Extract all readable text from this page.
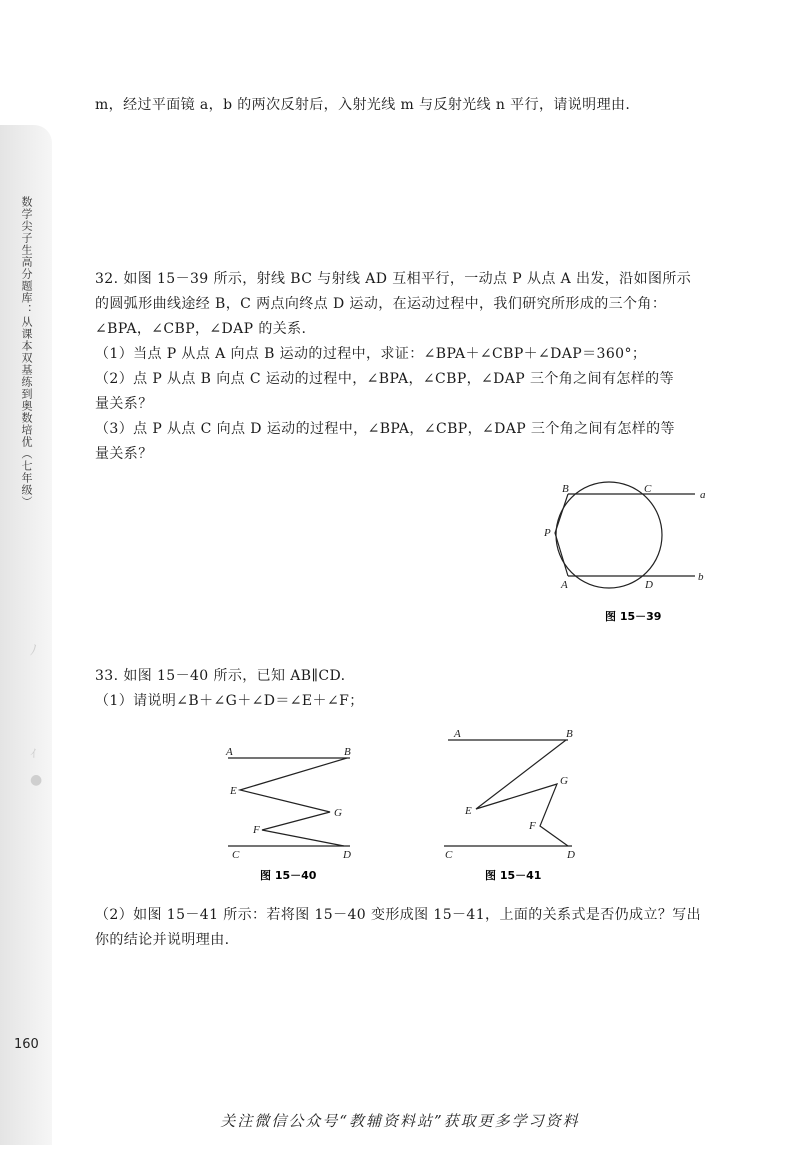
数学尖子生高分题库：从课本双基练到奥数培优（七年级）
ﾉ
ｨ
●
160
m，经过平面镜 a，b 的两次反射后，入射光线 m 与反射光线 n 平行，请说明理由.
32. 如图 15－39 所示，射线 BC 与射线 AD 互相平行，一动点 P 从点 A 出发，沿如图所示
的圆弧形曲线途经 B，C 两点向终点 D 运动，在运动过程中，我们研究所形成的三个角：
∠BPA，∠CBP，∠DAP 的关系.
（1）当点 P 从点 A 向点 B 运动的过程中，求证：∠BPA＋∠CBP＋∠DAP＝360°；
（2）点 P 从点 B 向点 C 运动的过程中，∠BPA，∠CBP，∠DAP 三个角之间有怎样的等
量关系？
（3）点 P 从点 C 向点 D 运动的过程中，∠BPA，∠CBP，∠DAP 三个角之间有怎样的等
量关系？
B	C	a
P
A	D
b
图 15－39
33. 如图 15－40 所示，已知 AB∥CD.
（1）请说明∠B＋∠G＋∠D＝∠E＋∠F；
A	B
E
G
F
C	D
图 15－40
A	B
G
E
F
C	D
图 15－41
（2）如图 15－41 所示：若将图 15－40 变形成图 15－41，上面的关系式是否仍成立？写出
你的结论并说明理由.
关注微信公众号“教辅资料站”获取更多学习资料
